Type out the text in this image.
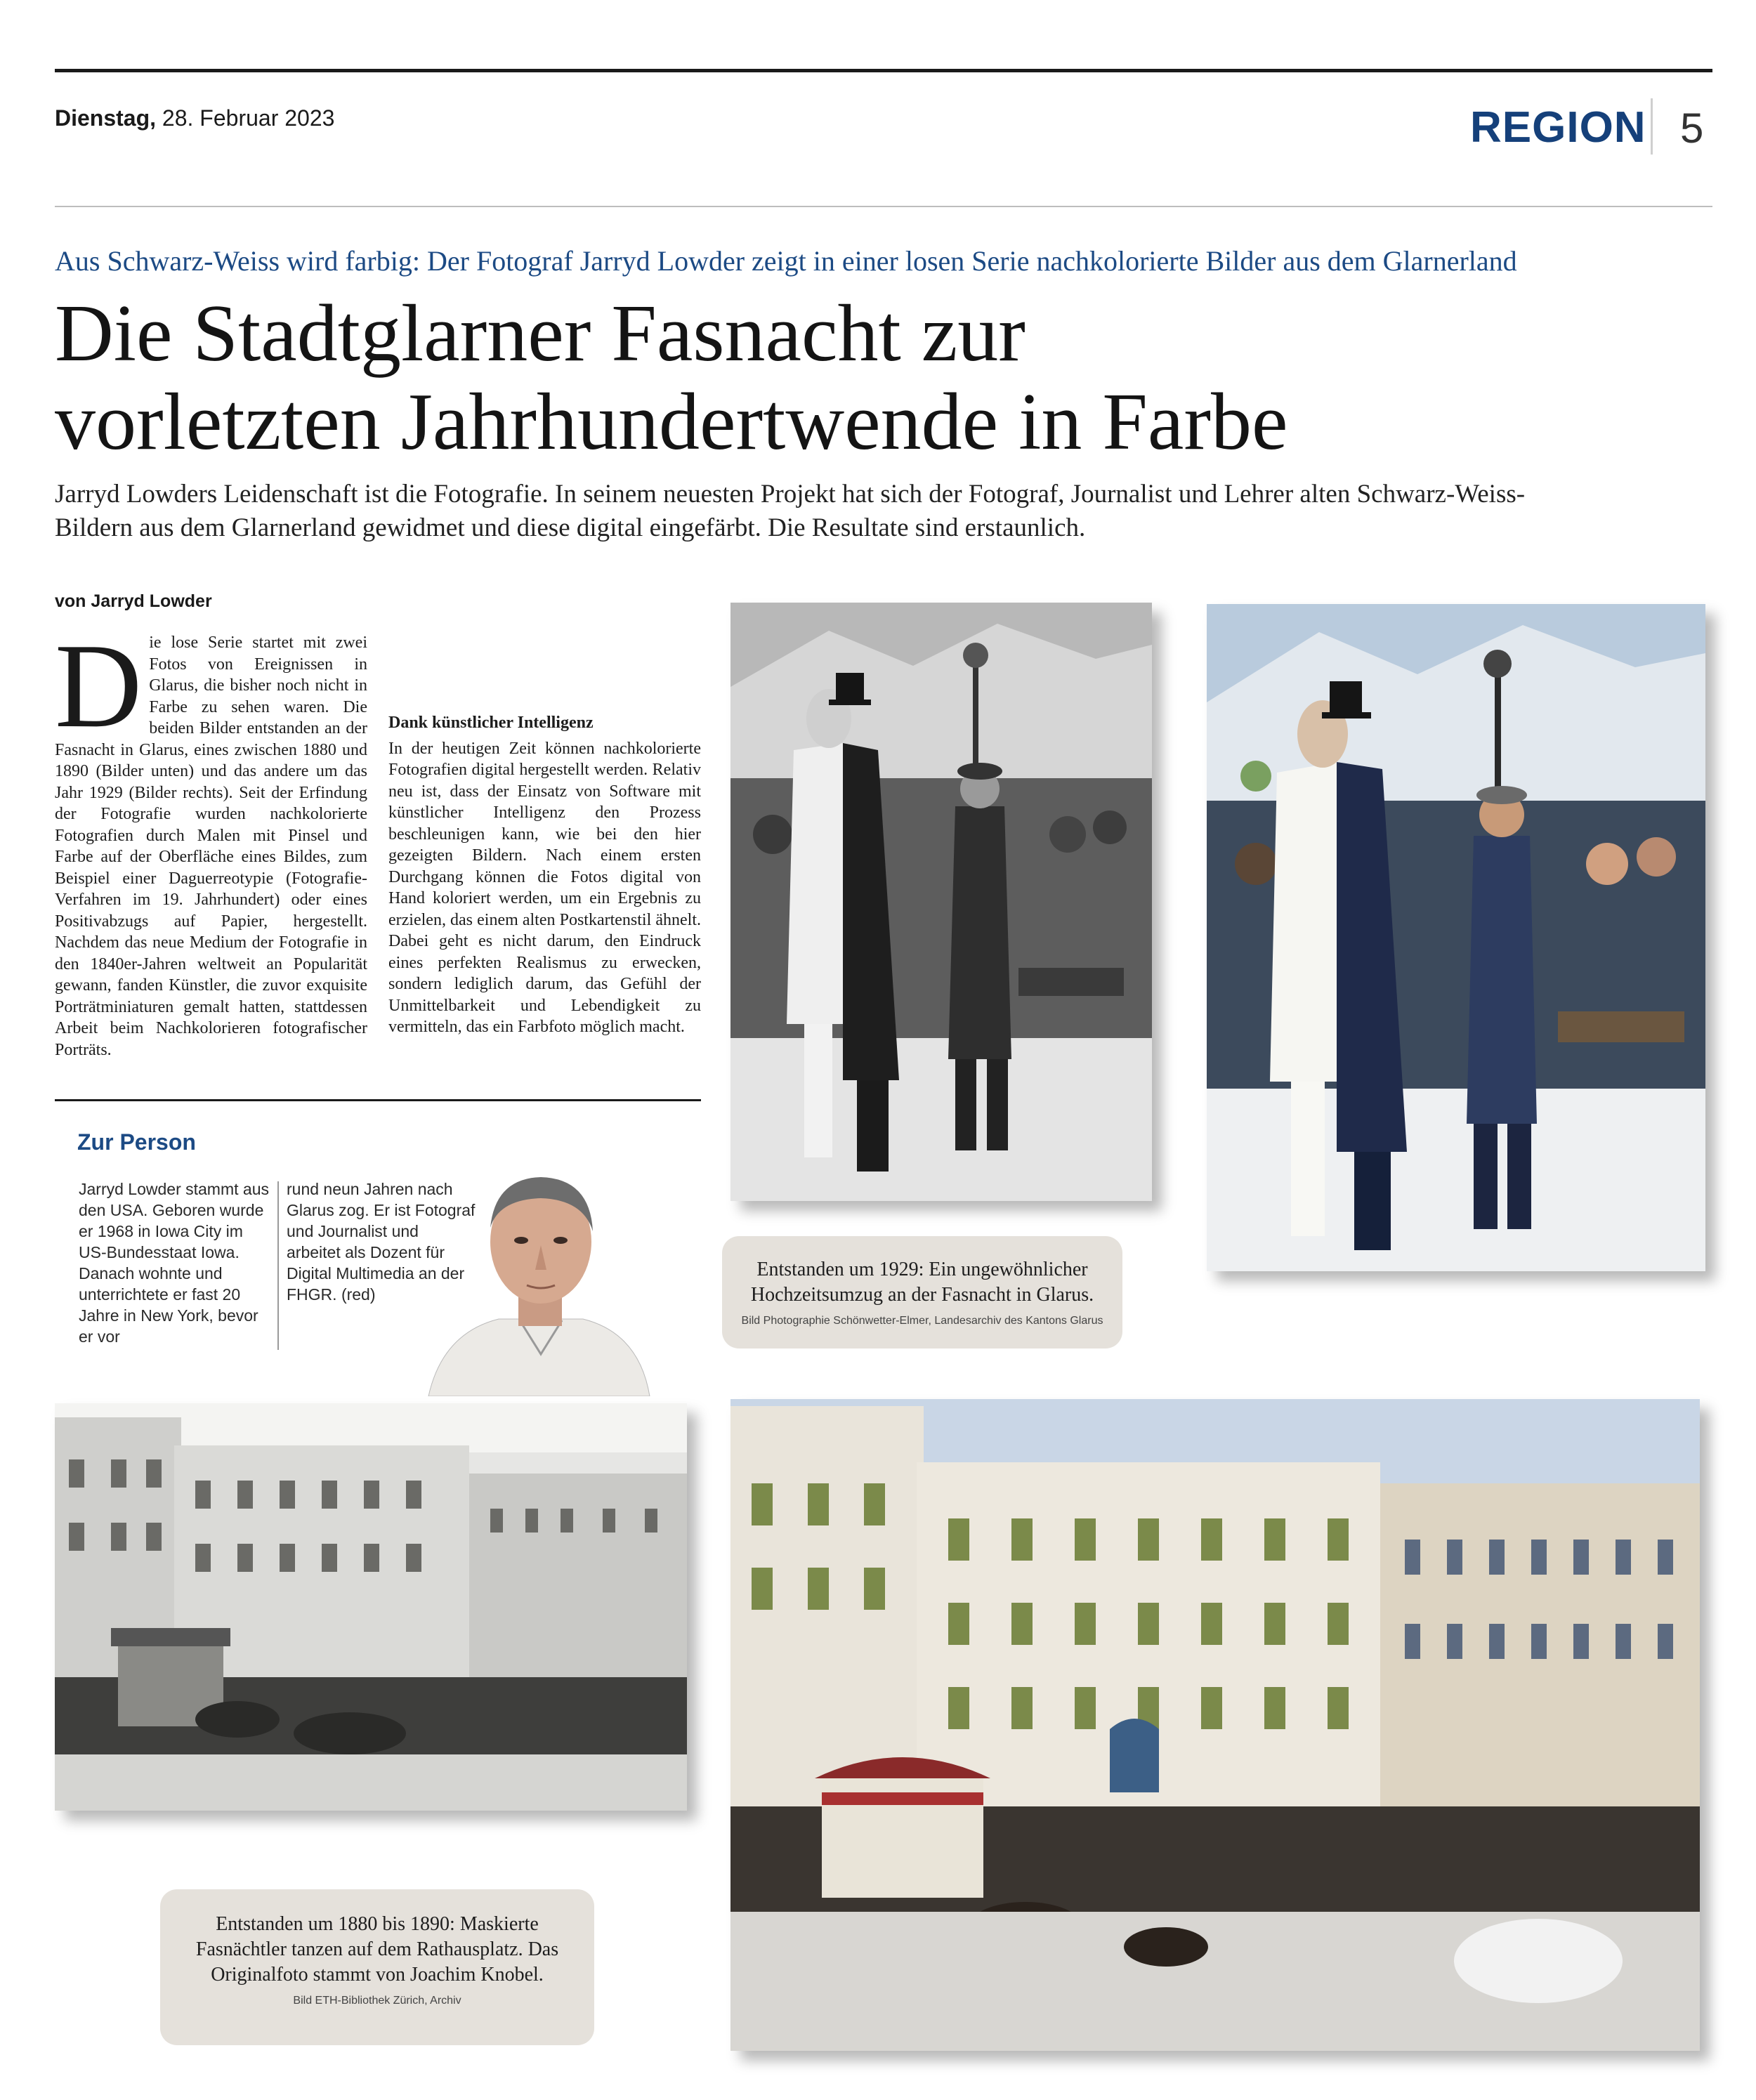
Dienstag, 28. Februar 2023	REGION 5
Aus Schwarz-Weiss wird farbig: Der Fotograf Jarryd Lowder zeigt in einer losen Serie nachkolorierte Bilder aus dem Glarnerland
Die Stadtglarner Fasnacht zur
vorletzten Jahrhundertwende in Farbe
Jarryd Lowders Leidenschaft ist die Fotografie. In seinem neuesten Projekt hat sich der Fotograf, Journalist und Lehrer alten Schwarz-Weiss-Bildern aus dem Glarnerland gewidmet und diese digital eingefärbt. Die Resultate sind erstaunlich.
von Jarryd Lowder
D ie lose Serie startet mit zwei Fotos von Ereignissen in Glarus, die bisher noch nicht in Farbe zu sehen waren. Die beiden Bilder entstanden an der Fasnacht in Glarus, eines zwischen 1880 und 1890 (Bilder unten) und das andere um das Jahr 1929 (Bilder rechts). Seit der Erfindung der Fotografie wurden nachkolorierte Fotografien durch Malen mit Pinsel und Farbe auf der Oberfläche eines Bildes, zum Beispiel einer Daguerreotypie (Fotografie-Verfahren im 19. Jahrhundert) oder eines Positivabzugs auf Papier, hergestellt. Nachdem das neue Medium der Fotografie in den 1840er-Jahren weltweit an Popularität gewann, fanden Künstler, die zuvor exquisite Porträtminiaturen gemalt hatten, stattdessen Arbeit beim Nachkolorieren fotografischer Porträts.

Dank künstlicher Intelligenz

In der heutigen Zeit können nachkolorierte Fotografien digital hergestellt werden. Relativ neu ist, dass der Einsatz von Software mit künstlicher Intelligenz den Prozess beschleunigen kann, wie bei den hier gezeigten Bildern. Nach einem ersten Durchgang können die Fotos digital von Hand koloriert werden, um ein Ergebnis zu erzielen, das einem alten Postkartenstil ähnelt. Dabei geht es nicht darum, den Eindruck eines perfekten Realismus zu erwecken, sondern lediglich darum, das Gefühl der Unmittelbarkeit und Lebendigkeit zu vermitteln, das ein Farbfoto möglich macht.

Zur Person

Jarryd Lowder stammt aus den USA. Geboren wurde er 1968 in Iowa City im US-Bundesstaat Iowa. Danach wohnte und unterrichtete er fast 20 Jahre in New York, bevor er vor

rund neun Jahren nach Glarus zog. Er ist Fotograf und Journalist und arbeitet als Dozent für Digital Multimedia an der FHGR. (red)

Entstanden um 1929: Ein ungewöhnlicher Hochzeitsumzug an der Fasnacht in Glarus.
Bild Photographie Schönwetter-Elmer, Landesarchiv des Kantons Glarus
Entstanden um 1880 bis 1890: Maskierte Fasnächtler tanzen auf dem Rathausplatz. Das Originalfoto stammt von Joachim Knobel.
Bild ETH-Bibliothek Zürich, Archiv
